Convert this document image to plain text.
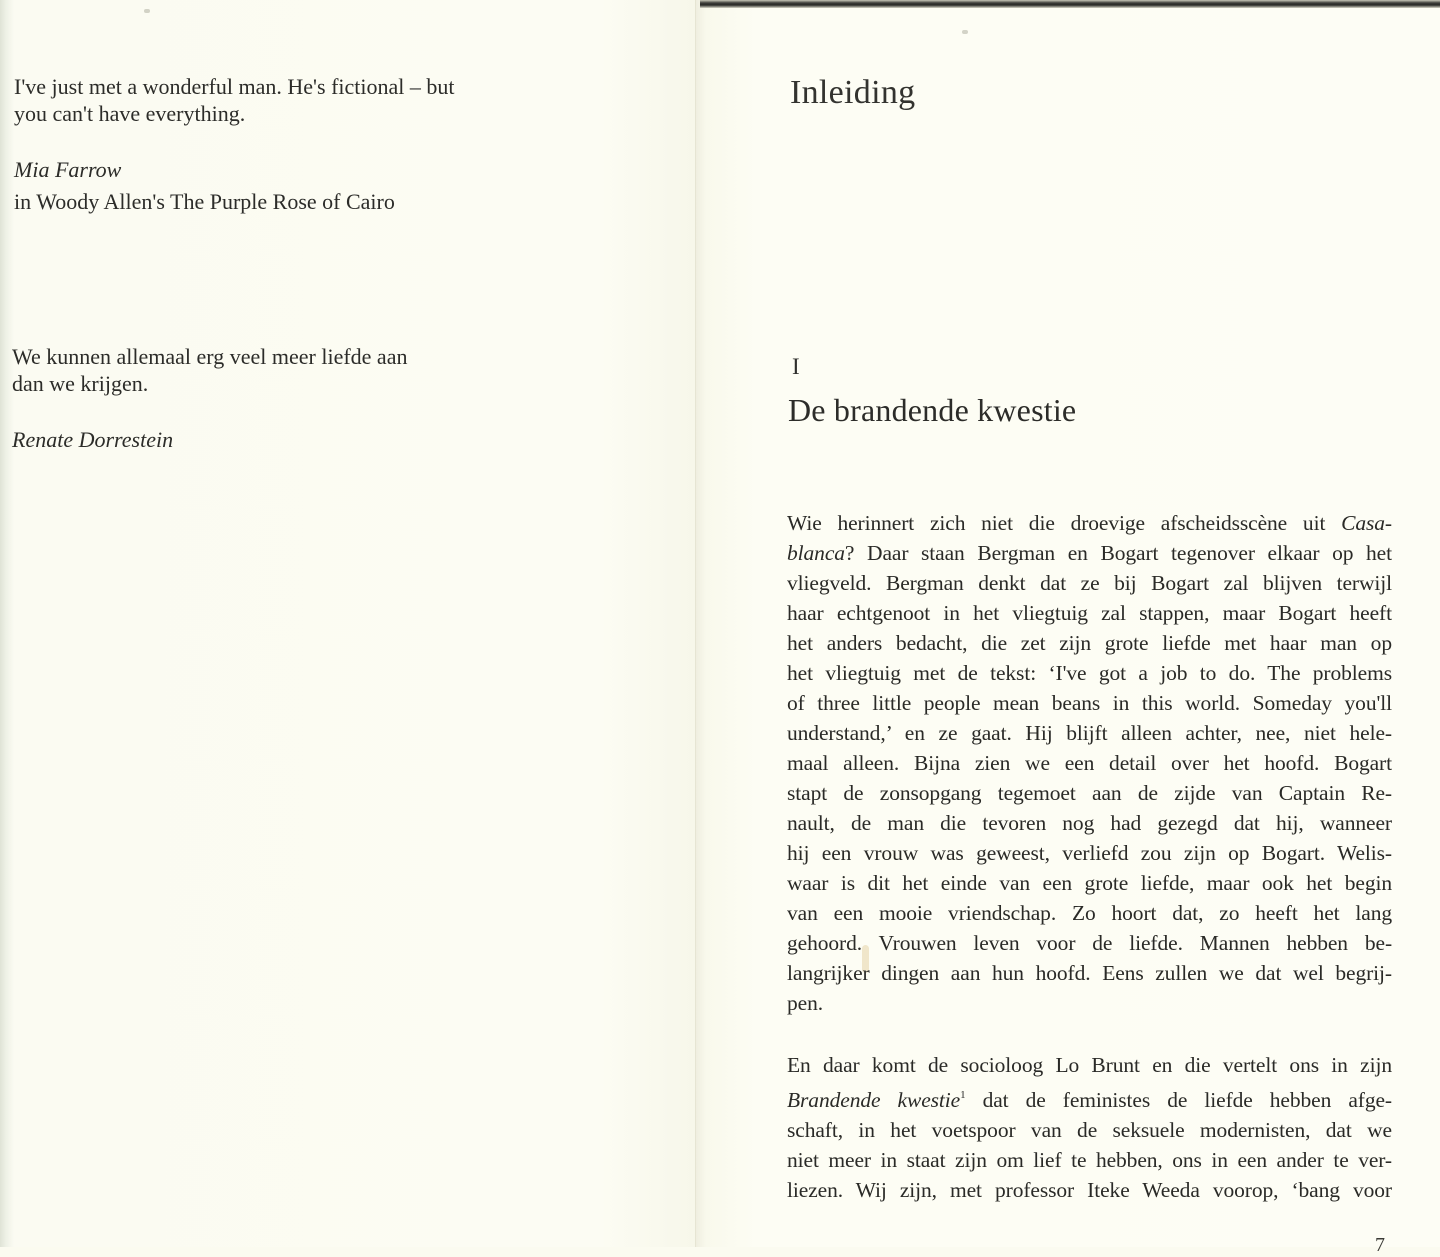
I've just met a wonderful man. He's fictional – but

you can't have everything.

Mia Farrow

in Woody Allen's The Purple Rose of Cairo

We kunnen allemaal erg veel meer liefde aan

dan we krijgen.

Renate Dorrestein

Inleiding
I
De brandende kwestie
Wie herinnert zich niet die droevige afscheidsscène uit Casa-
blanca? Daar staan Bergman en Bogart tegenover elkaar op het
vliegveld. Bergman denkt dat ze bij Bogart zal blijven terwijl
haar echtgenoot in het vliegtuig zal stappen, maar Bogart heeft
het anders bedacht, die zet zijn grote liefde met haar man op
het vliegtuig met de tekst: ‘I've got a job to do. The problems
of three little people mean beans in this world. Someday you'll
understand,’ en ze gaat. Hij blijft alleen achter, nee, niet hele-
maal alleen. Bijna zien we een detail over het hoofd. Bogart
stapt de zonsopgang tegemoet aan de zijde van Captain Re-
nault, de man die tevoren nog had gezegd dat hij, wanneer
hij een vrouw was geweest, verliefd zou zijn op Bogart. Welis-
waar is dit het einde van een grote liefde, maar ook het begin
van een mooie vriendschap. Zo hoort dat, zo heeft het lang
gehoord. Vrouwen leven voor de liefde. Mannen hebben be-
langrijker dingen aan hun hoofd. Eens zullen we dat wel begrij-
pen.
En daar komt de socioloog Lo Brunt en die vertelt ons in zijn
Brandende kwestie$^1$ dat de feministes de liefde hebben afge-
schaft, in het voetspoor van de seksuele modernisten, dat we
niet meer in staat zijn om lief te hebben, ons in een ander te ver-
liezen. Wij zijn, met professor Iteke Weeda voorop, ‘bang voor
7
